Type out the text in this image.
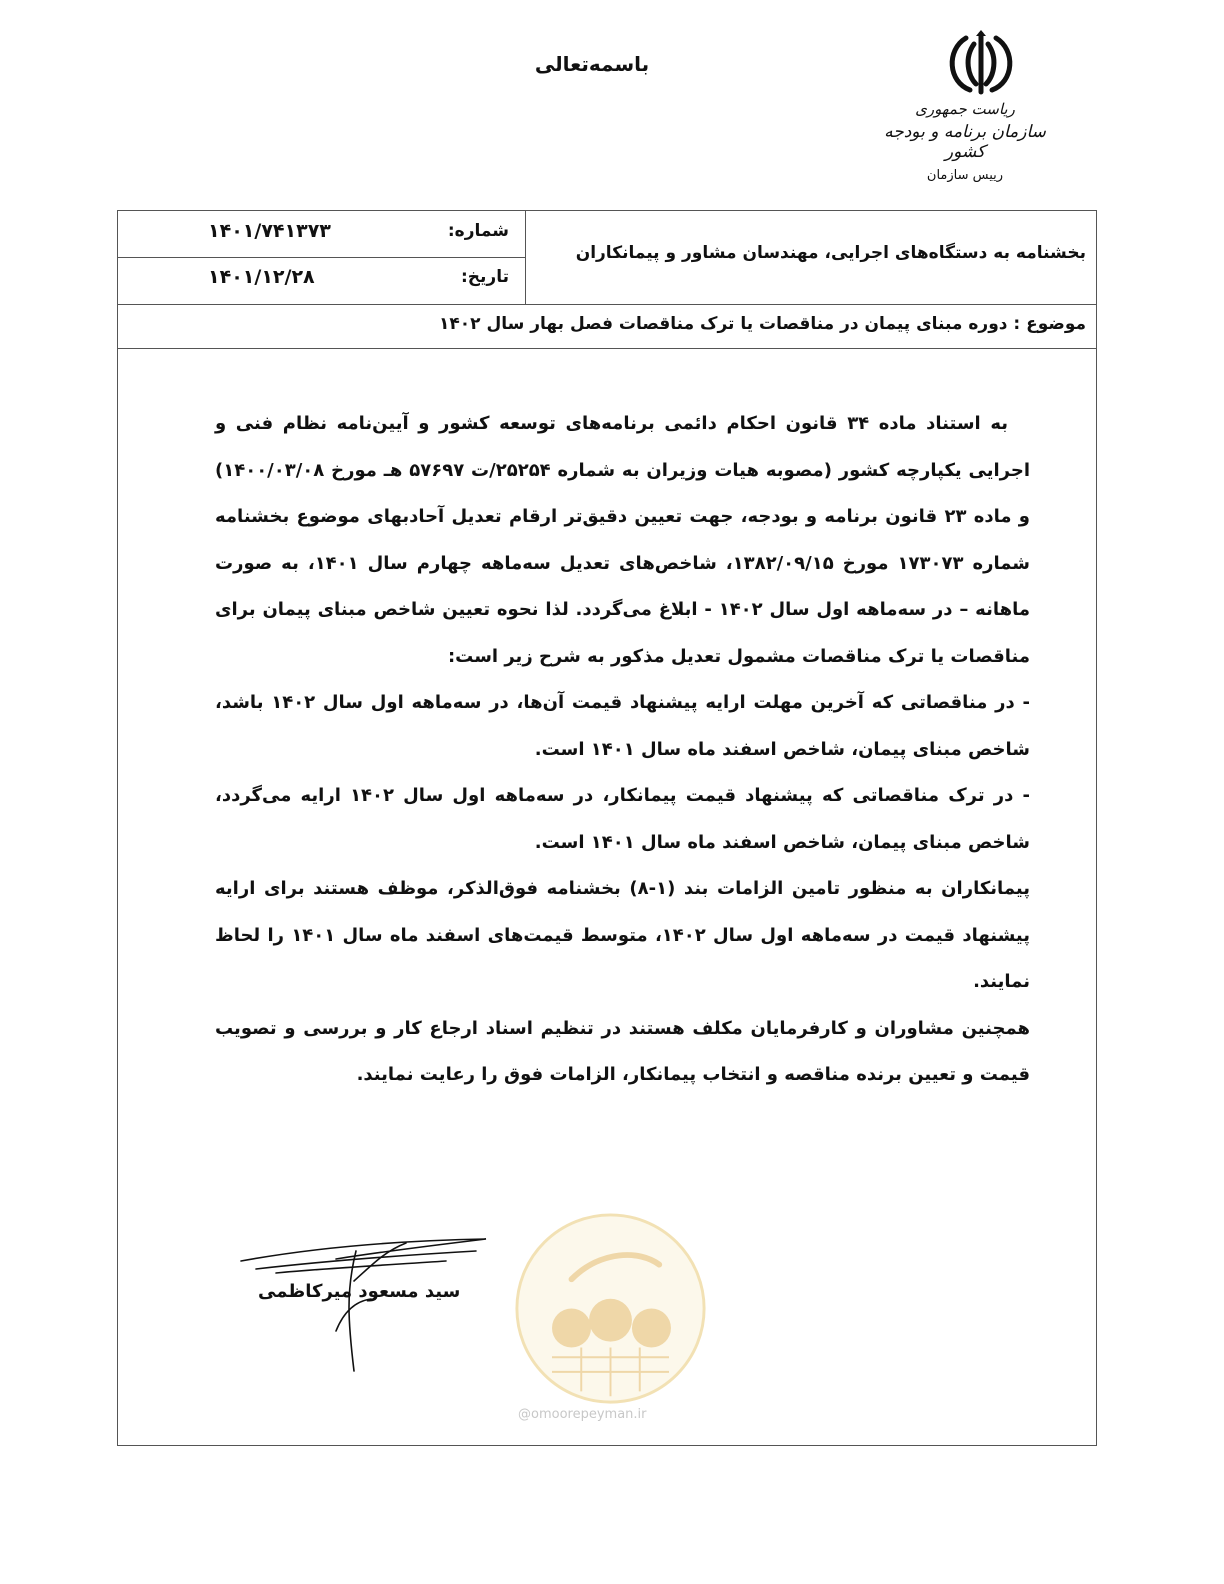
باسمه‌تعالی
ریاست جمهوری
سازمان برنامه و بودجه کشور
رییس سازمان
شماره:
۱۴۰۱/۷۴۱۳۷۳
تاریخ:
۱۴۰۱/۱۲/۲۸
بخشنامه به دستگاه‌های اجرایی، مهندسان مشاور و پیمانکاران
موضوع : دوره مبنای پیمان در مناقصات یا ترک مناقصات فصل بهار سال ۱۴۰۲

به استناد ماده ۳۴ قانون احکام دائمی برنامه‌های توسعه کشور و آیین‌نامه نظام فنی و اجرایی یکپارچه کشور (مصوبه هیات وزیران به شماره ۲۵۲۵۴/ت ۵۷۶۹۷ هـ مورخ ۱۴۰۰/۰۳/۰۸) و ماده ۲۳ قانون برنامه و بودجه، جهت تعیین دقیق‌تر ارقام تعدیل آحادبهای موضوع بخشنامه شماره ۱۷۳۰۷۳ مورخ ۱۳۸۲/۰۹/۱۵، شاخص‌های تعدیل سه‌ماهه چهارم سال ۱۴۰۱، به صورت ماهانه – در سه‌ماهه اول سال ۱۴۰۲ - ابلاغ می‌گردد. لذا نحوه تعیین شاخص مبنای پیمان برای مناقصات یا ترک مناقصات مشمول تعدیل مذکور به شرح زیر است:

- در مناقصاتی که آخرین مهلت ارایه پیشنهاد قیمت آن‌ها، در سه‌ماهه اول سال ۱۴۰۲ باشد، شاخص مبنای پیمان، شاخص اسفند ماه سال ۱۴۰۱ است.

- در ترک مناقصاتی که پیشنهاد قیمت پیمانکار، در سه‌ماهه اول سال ۱۴۰۲ ارایه می‌گردد، شاخص مبنای پیمان، شاخص اسفند ماه سال ۱۴۰۱ است.

پیمانکاران به منظور تامین الزامات بند (۱-۸) بخشنامه فوق‌الذکر، موظف هستند برای ارایه پیشنهاد قیمت در سه‌ماهه اول سال ۱۴۰۲، متوسط قیمت‌های اسفند ماه سال ۱۴۰۱ را لحاظ نمایند.

همچنین مشاوران و کارفرمایان مکلف هستند در تنظیم اسناد ارجاع کار و بررسی و تصویب قیمت و تعیین برنده مناقصه و انتخاب پیمانکار، الزامات فوق را رعایت نمایند.

سید مسعود میرکاظمی
@omoorepeyman.ir
